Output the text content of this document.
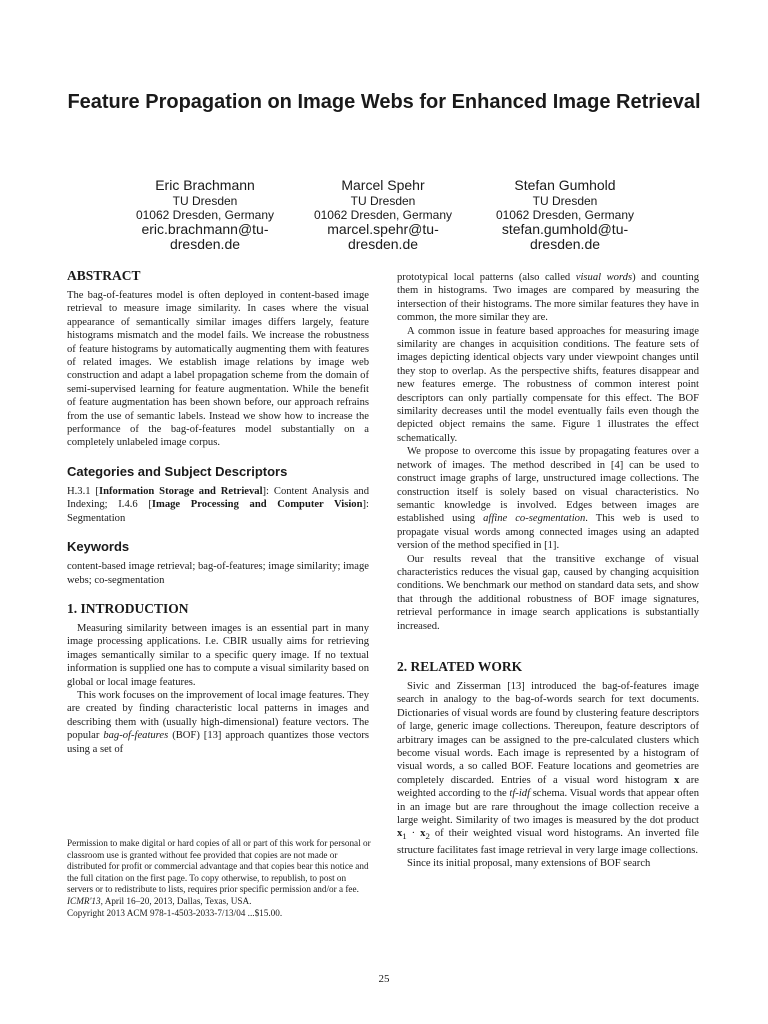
Feature Propagation on Image Webs for Enhanced Image Retrieval
Eric Brachmann
TU Dresden
01062 Dresden, Germany
eric.brachmann@tu-
dresden.de
Marcel Spehr
TU Dresden
01062 Dresden, Germany
marcel.spehr@tu-
dresden.de
Stefan Gumhold
TU Dresden
01062 Dresden, Germany
stefan.gumhold@tu-
dresden.de
ABSTRACT

The bag-of-features model is often deployed in content-based image retrieval to measure image similarity. In cases where the visual appearance of semantically similar images differs largely, feature histograms mismatch and the model fails. We increase the robustness of feature histograms by automatically augmenting them with features of related images. We establish image relations by image web construction and adapt a label propagation scheme from the domain of semi-supervised learning for feature augmentation. While the benefit of feature augmentation has been shown before, our approach refrains from the use of semantic labels. Instead we show how to increase the performance of the bag-of-features model substantially on a completely unlabeled image corpus.

Categories and Subject Descriptors

H.3.1 [Information Storage and Retrieval]: Content Analysis and Indexing; I.4.6 [Image Processing and Computer Vision]: Segmentation

Keywords

content-based image retrieval; bag-of-features; image similarity; image webs; co-segmentation

1. INTRODUCTION

Measuring similarity between images is an essential part in many image processing applications. I.e. CBIR usually aims for retrieving images semantically similar to a specific query image. If no textual information is supplied one has to compute a visual similarity based on global or local image features.

This work focuses on the improvement of local image features. They are created by finding characteristic local patterns in images and describing them with (usually high-dimensional) feature vectors. The popular bag-of-features (BOF) [13] approach quantizes those vectors using a set of

Permission to make digital or hard copies of all or part of this work for personal or classroom use is granted without fee provided that copies are not made or distributed for profit or commercial advantage and that copies bear this notice and the full citation on the first page. To copy otherwise, to republish, to post on servers or to redistribute to lists, requires prior specific permission and/or a fee.
ICMR'13, April 16–20, 2013, Dallas, Texas, USA.
Copyright 2013 ACM 978-1-4503-2033-7/13/04 ...$15.00.

prototypical local patterns (also called visual words) and counting them in histograms. Two images are compared by measuring the intersection of their histograms. The more similar features they have in common, the more similar they are.

A common issue in feature based approaches for measuring image similarity are changes in acquisition conditions. The feature sets of images depicting identical objects vary under viewpoint changes until they stop to overlap. As the perspective shifts, features disappear and new features emerge. The robustness of common interest point descriptors can only partially compensate for this effect. The BOF similarity decreases until the model eventually fails even though the depicted object remains the same. Figure 1 illustrates the effect schematically.

We propose to overcome this issue by propagating features over a network of images. The method described in [4] can be used to construct image graphs of large, unstructured image collections. The construction itself is solely based on visual characteristics. No semantic knowledge is involved. Edges between images are established using affine co-segmentation. This web is used to propagate visual words among connected images using an adapted version of the method specified in [1].

Our results reveal that the transitive exchange of visual characteristics reduces the visual gap, caused by changing acquisition conditions. We benchmark our method on standard data sets, and show that through the additional robustness of BOF image signatures, retrieval performance in image search applications is substantially increased.

2. RELATED WORK

Sivic and Zisserman [13] introduced the bag-of-features image search in analogy to the bag-of-words search for text documents. Dictionaries of visual words are found by clustering feature descriptors of large, generic image collections. Thereupon, feature descriptors of arbitrary images can be assigned to the pre-calculated clusters which become visual words. Each image is represented by a histogram of visual words, a so called BOF. Feature locations and geometries are completely discarded. Entries of a visual word histogram x are weighted according to the tf-idf schema. Visual words that appear often in an image but are rare throughout the image collection receive a large weight. Similarity of two images is measured by the dot product $x_1 \cdot x_2$ of their weighted visual word histograms. An inverted file structure facilitates fast image retrieval in very large image collections.

Since its initial proposal, many extensions of BOF search

25
